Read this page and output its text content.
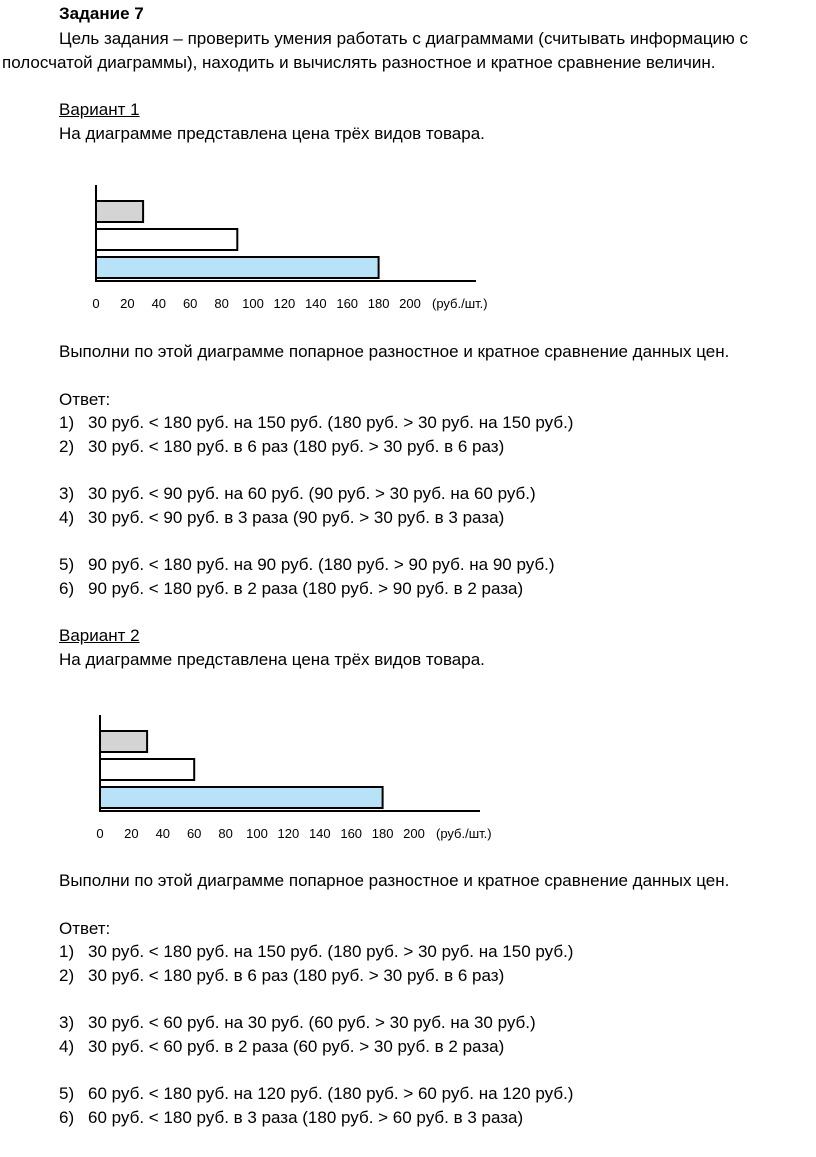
Задание 7
Цель задания – проверить умения работать с диаграммами (считывать информацию с
полосчатой диаграммы), находить и вычислять разностное и кратное сравнение величин.
Вариант 1
На диаграмме представлена цена трёх видов товара.
0 20 40 60 80 100 120 140 160 180 200 (руб./шт.)
Выполни по этой диаграмме попарное разностное и кратное сравнение данных цен.
Ответ:
1) 30 руб. < 180 руб. на 150 руб. (180 руб. > 30 руб. на 150 руб.)
2) 30 руб. < 180 руб. в 6 раз (180 руб. > 30 руб. в 6 раз)
3) 30 руб. < 90 руб. на 60 руб. (90 руб. > 30 руб. на 60 руб.)
4) 30 руб. < 90 руб. в 3 раза (90 руб. > 30 руб. в 3 раза)
5) 90 руб. < 180 руб. на 90 руб. (180 руб. > 90 руб. на 90 руб.)
6) 90 руб. < 180 руб. в 2 раза (180 руб. > 90 руб. в 2 раза)
Вариант 2
На диаграмме представлена цена трёх видов товара.
0 20 40 60 80 100 120 140 160 180 200 (руб./шт.)
Выполни по этой диаграмме попарное разностное и кратное сравнение данных цен.
Ответ:
1) 30 руб. < 180 руб. на 150 руб. (180 руб. > 30 руб. на 150 руб.)
2) 30 руб. < 180 руб. в 6 раз (180 руб. > 30 руб. в 6 раз)
3) 30 руб. < 60 руб. на 30 руб. (60 руб. > 30 руб. на 30 руб.)
4) 30 руб. < 60 руб. в 2 раза (60 руб. > 30 руб. в 2 раза)
5) 60 руб. < 180 руб. на 120 руб. (180 руб. > 60 руб. на 120 руб.)
6) 60 руб. < 180 руб. в 3 раза (180 руб. > 60 руб. в 3 раза)
